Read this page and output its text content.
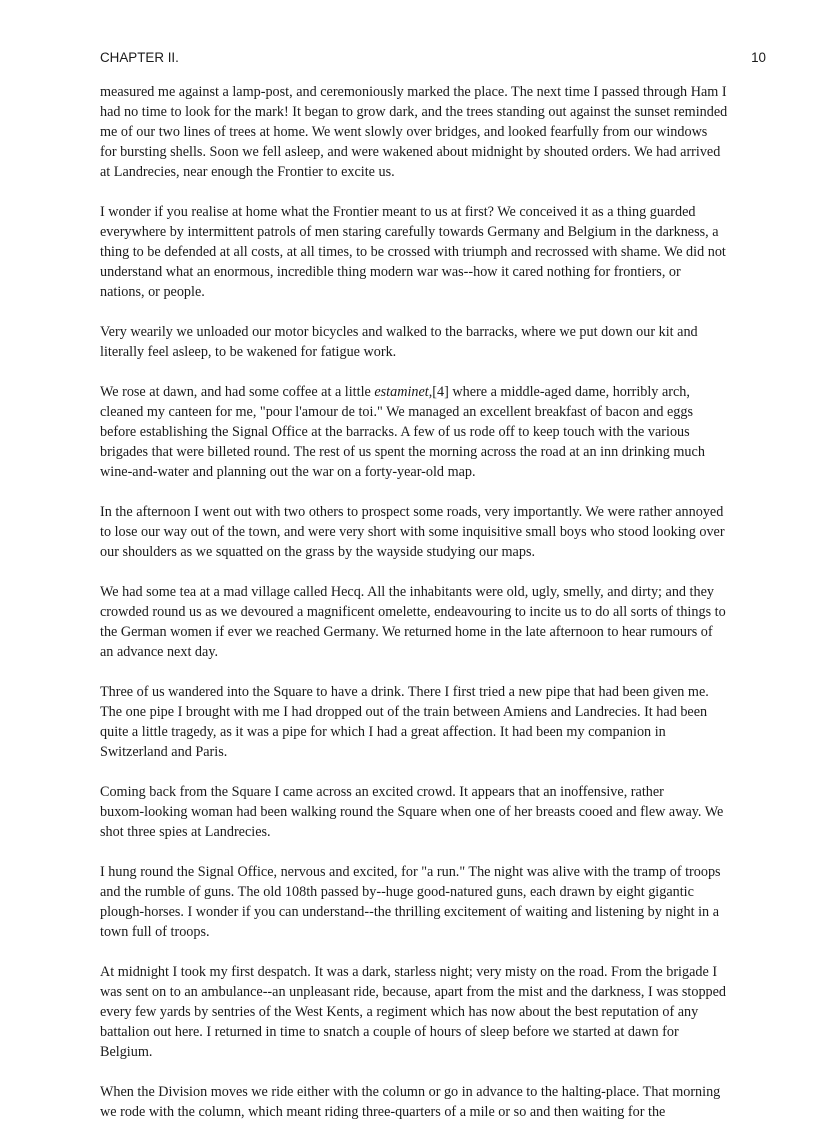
CHAPTER II.	10

measured me against a lamp-post, and ceremoniously marked the place. The next time I passed through Ham I
had no time to look for the mark! It began to grow dark, and the trees standing out against the sunset reminded
me of our two lines of trees at home. We went slowly over bridges, and looked fearfully from our windows
for bursting shells. Soon we fell asleep, and were wakened about midnight by shouted orders. We had arrived
at Landrecies, near enough the Frontier to excite us.

I wonder if you realise at home what the Frontier meant to us at first? We conceived it as a thing guarded
everywhere by intermittent patrols of men staring carefully towards Germany and Belgium in the darkness, a
thing to be defended at all costs, at all times, to be crossed with triumph and recrossed with shame. We did not
understand what an enormous, incredible thing modern war was--how it cared nothing for frontiers, or
nations, or people.

Very wearily we unloaded our motor bicycles and walked to the barracks, where we put down our kit and
literally feel asleep, to be wakened for fatigue work.

We rose at dawn, and had some coffee at a little estaminet,[4] where a middle-aged dame, horribly arch,
cleaned my canteen for me, "pour l'amour de toi." We managed an excellent breakfast of bacon and eggs
before establishing the Signal Office at the barracks. A few of us rode off to keep touch with the various
brigades that were billeted round. The rest of us spent the morning across the road at an inn drinking much
wine-and-water and planning out the war on a forty-year-old map.

In the afternoon I went out with two others to prospect some roads, very importantly. We were rather annoyed
to lose our way out of the town, and were very short with some inquisitive small boys who stood looking over
our shoulders as we squatted on the grass by the wayside studying our maps.

We had some tea at a mad village called Hecq. All the inhabitants were old, ugly, smelly, and dirty; and they
crowded round us as we devoured a magnificent omelette, endeavouring to incite us to do all sorts of things to
the German women if ever we reached Germany. We returned home in the late afternoon to hear rumours of
an advance next day.

Three of us wandered into the Square to have a drink. There I first tried a new pipe that had been given me.
The one pipe I brought with me I had dropped out of the train between Amiens and Landrecies. It had been
quite a little tragedy, as it was a pipe for which I had a great affection. It had been my companion in
Switzerland and Paris.

Coming back from the Square I came across an excited crowd. It appears that an inoffensive, rather
buxom-looking woman had been walking round the Square when one of her breasts cooed and flew away. We
shot three spies at Landrecies.

I hung round the Signal Office, nervous and excited, for "a run." The night was alive with the tramp of troops
and the rumble of guns. The old 108th passed by--huge good-natured guns, each drawn by eight gigantic
plough-horses. I wonder if you can understand--the thrilling excitement of waiting and listening by night in a
town full of troops.

At midnight I took my first despatch. It was a dark, starless night; very misty on the road. From the brigade I
was sent on to an ambulance--an unpleasant ride, because, apart from the mist and the darkness, I was stopped
every few yards by sentries of the West Kents, a regiment which has now about the best reputation of any
battalion out here. I returned in time to snatch a couple of hours of sleep before we started at dawn for
Belgium.

When the Division moves we ride either with the column or go in advance to the halting-place. That morning
we rode with the column, which meant riding three-quarters of a mile or so and then waiting for the
